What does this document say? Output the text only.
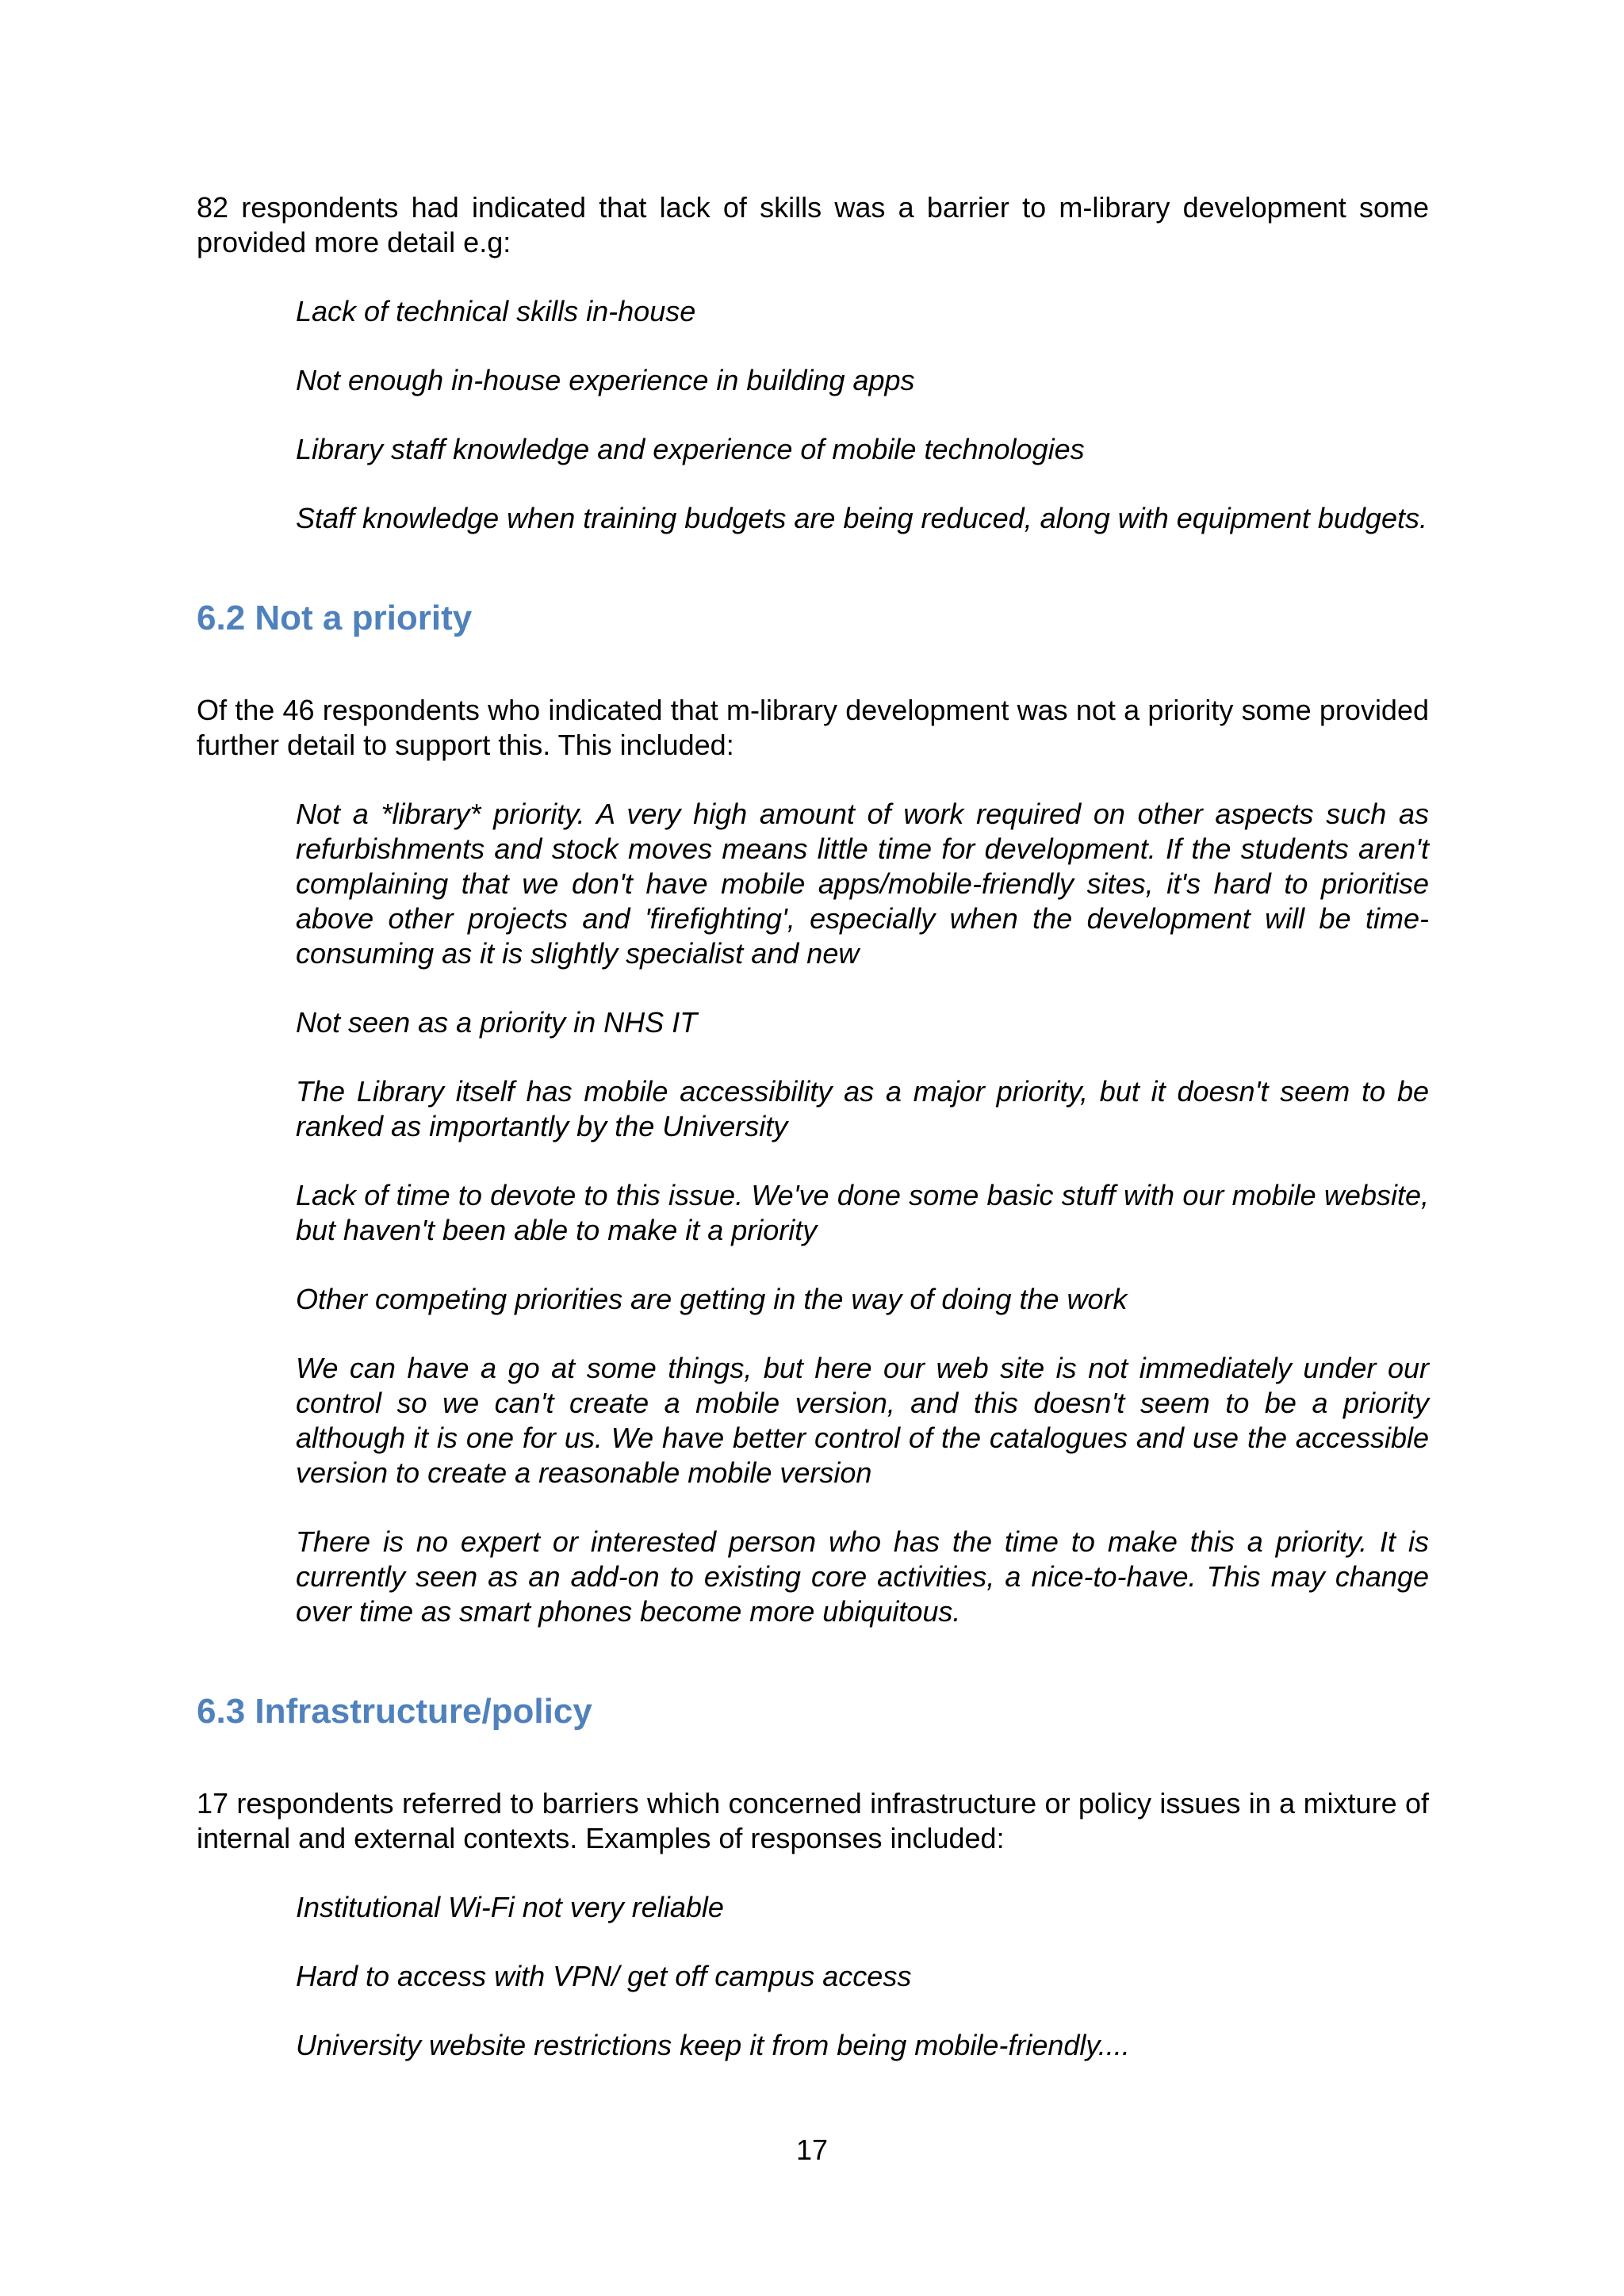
82 respondents had indicated that lack of skills was a barrier to m-library development some provided more detail e.g:

Lack of technical skills in-house

Not enough in-house experience in building apps

Library staff knowledge and experience of mobile technologies

Staff knowledge when training budgets are being reduced, along with equipment budgets.

6.2 Not a priority

Of the 46 respondents who indicated that m-library development was not a priority some provided further detail to support this. This included:

Not a *library* priority. A very high amount of work required on other aspects such as refurbishments and stock moves means little time for development. If the students aren't complaining that we don't have mobile apps/mobile-friendly sites, it's hard to prioritise above other projects and 'firefighting', especially when the development will be time-consuming as it is slightly specialist and new

Not seen as a priority in NHS IT

The Library itself has mobile accessibility as a major priority, but it doesn't seem to be ranked as importantly by the University

Lack of time to devote to this issue. We've done some basic stuff with our mobile website, but haven't been able to make it a priority

Other competing priorities are getting in the way of doing the work

We can have a go at some things, but here our web site is not immediately under our control so we can't create a mobile version, and this doesn't seem to be a priority although it is one for us. We have better control of the catalogues and use the accessible version to create a reasonable mobile version

There is no expert or interested person who has the time to make this a priority. It is currently seen as an add-on to existing core activities, a nice-to-have. This may change over time as smart phones become more ubiquitous.

6.3 Infrastructure/policy

17 respondents referred to barriers which concerned infrastructure or policy issues in a mixture of internal and external contexts. Examples of responses included:

Institutional Wi-Fi not very reliable

Hard to access with VPN/ get off campus access

University website restrictions keep it from being mobile-friendly....

17
